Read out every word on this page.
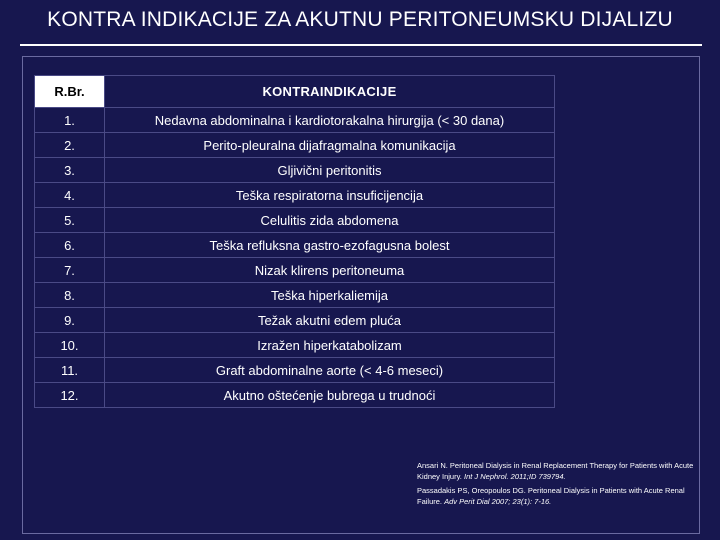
KONTRA INDIKACIJE ZA AKUTNU PERITONEUMSKU DIJALIZU
R.Br.	KONTRAINDIKACIJE
1.	Nedavna abdominalna i kardiotorakalna hirurgija (< 30 dana)
2.	Perito-pleuralna dijafragmalna komunikacija
3.	Gljivični peritonitis
4.	Teška respiratorna insuficijencija
5.	Celulitis zida abdomena
6.	Teška refluksna gastro-ezofagusna bolest
7.	Nizak klirens peritoneuma
8.	Teška hiperkaliemija
9.	Težak akutni edem pluća
10.	Izražen hiperkatabolizam
11.	Graft abdominalne aorte (< 4-6 meseci)
12.	Akutno oštećenje bubrega u trudnoći

Ansari N. Peritoneal Dialysis in Renal Replacement Therapy for Patients with Acute Kidney Injury. Int J Nephrol. 2011;ID 739794.

Passadakis PS, Oreopoulos DG. Peritoneal Dialysis in Patients with Acute Renal Failure. Adv Perit Dial 2007; 23(1): 7-16.
